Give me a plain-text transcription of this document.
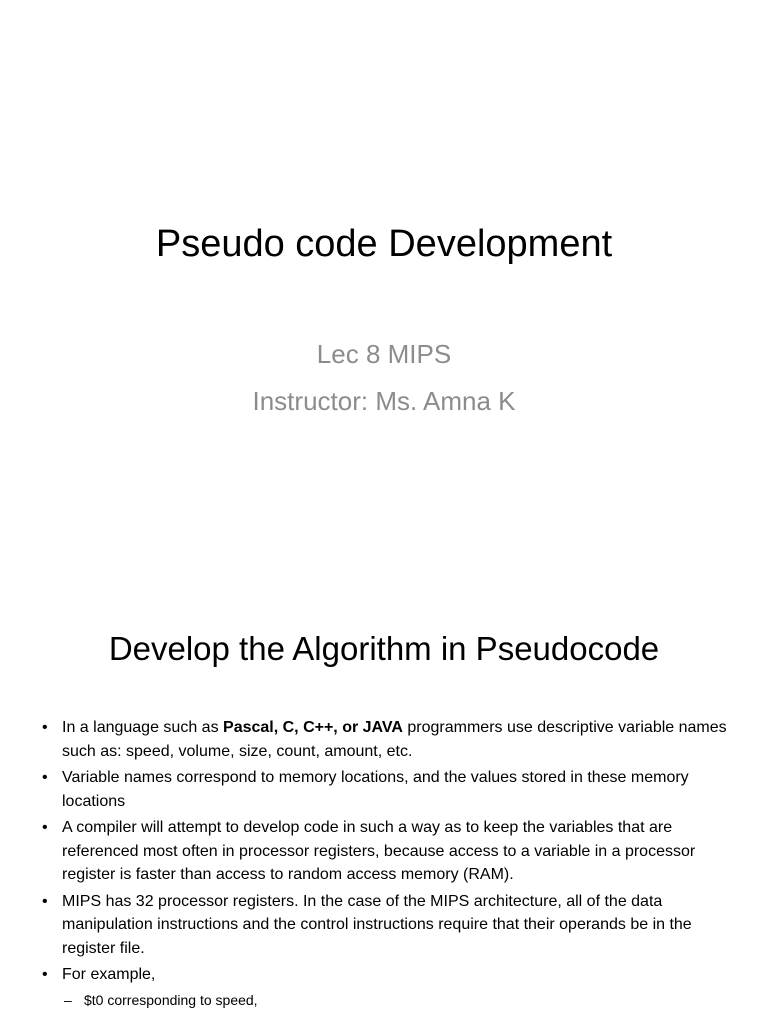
Pseudo code Development
Lec 8 MIPS
Instructor: Ms. Amna K
Develop the Algorithm in Pseudocode
• In a language such as Pascal, C, C++, or JAVA programmers use descriptive variable names such as: speed, volume, size, count, amount, etc.
• Variable names correspond to memory locations, and the values stored in these memory locations
• A compiler will attempt to develop code in such a way as to keep the variables that are referenced most often in processor registers, because access to a variable in a processor register is faster than access to random access memory (RAM).
• MIPS has 32 processor registers. In the case of the MIPS architecture, all of the data manipulation instructions and the control instructions require that their operands be in the register file.
• For example,
– $t0 corresponding to speed,
